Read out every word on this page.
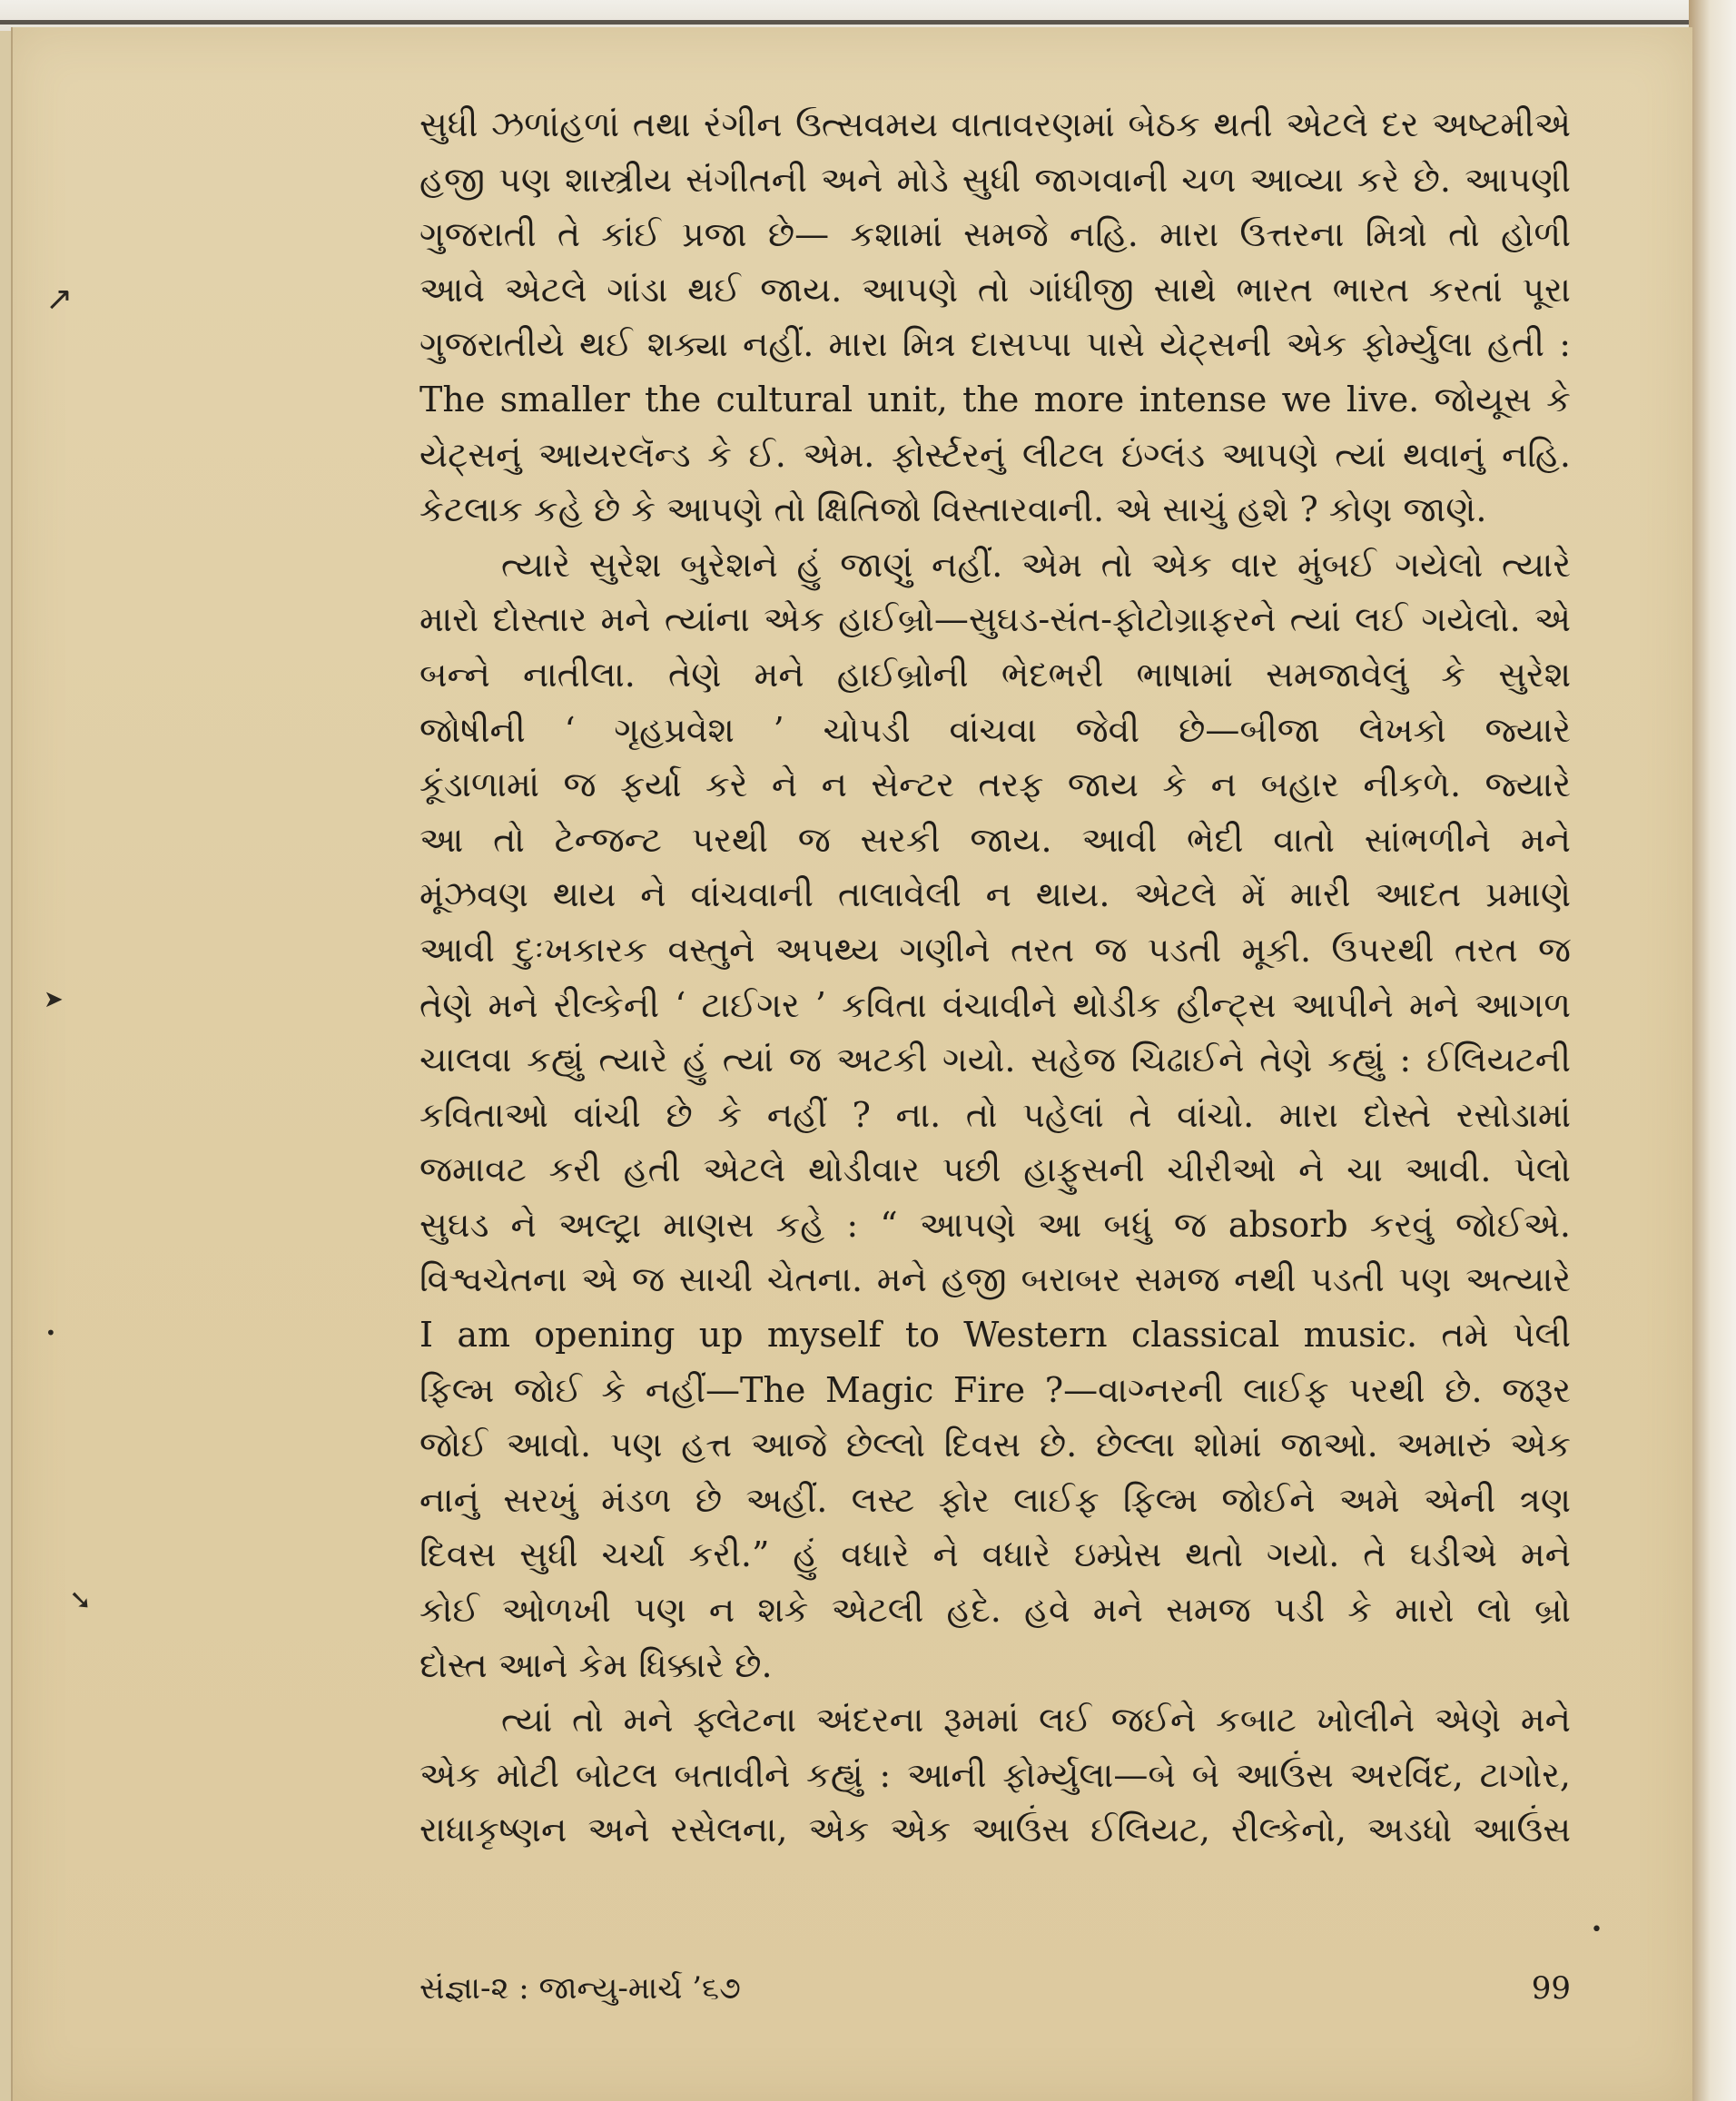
↗
➤
•
➘
•
સુધી ઝળાંહળાં તથા રંગીન ઉત્સવમય વાતાવરણમાં બેઠક થતી એટલે દર અષ્ટમીએ
હજી પણ શાસ્ત્રીય સંગીતની અને મોડે સુધી જાગવાની ચળ આવ્યા કરે છે. આપણી
ગુજરાતી તે કાંઈ પ્રજા છે— કશામાં સમજે નહિ. મારા ઉત્તરના મિત્રો તો હોળી
આવે એટલે ગાંડા થઈ જાય. આપણે તો ગાંધીજી સાથે ભારત ભારત કરતાં પૂરા
ગુજરાતીયે થઈ શક્યા નહીં. મારા મિત્ર દાસપ્પા પાસે યેટ્સની એક ફોર્મ્યુલા હતી :
The smaller the cultural unit, the more intense we live. જોયૂસ કે
યેટ્સનું આયરલૅન્ડ કે ઈ. એમ. ફોર્સ્ટરનું લીટલ ઇંગ્લંડ આપણે ત્યાં થવાનું નહિ.
કેટલાક કહે છે કે આપણે તો ક્ષિતિજો વિસ્તારવાની. એ સાચું હશે ? કોણ જાણે.
ત્યારે સુરેશ બુરેશને હું જાણું નહીં. એમ તો એક વાર મુંબઈ ગયેલો ત્યારે
મારો દોસ્તાર મને ત્યાંના એક હાઈબ્રો—સુઘડ-સંત-ફોટોગ્રાફરને ત્યાં લઈ ગયેલો. એ
બન્ને નાતીલા. તેણે મને હાઈબ્રોની ભેદભરી ભાષામાં સમજાવેલું કે સુરેશ
જોષીની ‘ ગૃહપ્રવેશ ’ ચોપડી વાંચવા જેવી છે—બીજા લેખકો જ્યારે
કૂંડાળામાં જ ફર્યા કરે ને ન સેન્ટર તરફ જાય કે ન બહાર નીકળે. જ્યારે
આ તો ટેન્જન્ટ પરથી જ સરકી જાય. આવી ભેદી વાતો સાંભળીને મને
મૂંઝવણ થાય ને વાંચવાની તાલાવેલી ન થાય. એટલે મેં મારી આદત પ્રમાણે
આવી દુઃખકારક વસ્તુને અપથ્ય ગણીને તરત જ પડતી મૂકી. ઉપરથી તરત જ
તેણે મને રીલ્કેની ‘ ટાઈગર ’ કવિતા વંચાવીને થોડીક હીન્ટ્સ આપીને મને આગળ
ચાલવા કહ્યું ત્યારે હું ત્યાં જ અટકી ગયો. સહેજ ચિઢાઈને તેણે કહ્યું : ઈલિયટની
કવિતાઓ વાંચી છે કે નહીં ? ના. તો પહેલાં તે વાંચો. મારા દોસ્તે રસોડામાં
જમાવટ કરી હતી એટલે થોડીવાર પછી હાફુસની ચીરીઓ ને ચા આવી. પેલો
સુઘડ ને અલ્ટ્રા માણસ કહે : “ આપણે આ બધું જ absorb કરવું જોઈએ.
વિશ્વચેતના એ જ સાચી ચેતના. મને હજી બરાબર સમજ નથી પડતી પણ અત્યારે
I am opening up myself to Western classical music. તમે પેલી
ફિલ્મ જોઈ કે નહીં—The Magic Fire ?—વાગ્નરની લાઈફ પરથી છે. જરૂર
જોઈ આવો. પણ હત્ત આજે છેલ્લો દિવસ છે. છેલ્લા શોમાં જાઓ. અમારું એક
નાનું સરખું મંડળ છે અહીં. લસ્ટ ફોર લાઈફ ફિલ્મ જોઈને અમે એની ત્રણ
દિવસ સુધી ચર્ચા કરી.” હું વધારે ને વધારે ઇમ્પ્રેસ થતો ગયો. તે ઘડીએ મને
કોઈ ઓળખી પણ ન શકે એટલી હદે. હવે મને સમજ પડી કે મારો લો બ્રો
દોસ્ત આને કેમ ધિક્કારે છે.
ત્યાં તો મને ફ્લેટના અંદરના રૂમમાં લઈ જઈને કબાટ ખોલીને એણે મને
એક મોટી બોટલ બતાવીને કહ્યું : આની ફોર્મ્યુલા—બે બે આઉંસ અરવિંદ, ટાગોર,
રાધાકૃષ્ણન અને રસેલના, એક એક આઉંસ ઈલિયટ, રીલ્કેનો, અડધો આઉંસ
સંજ્ઞા-૨ : જાન્યુ-માર્ચ ’૬૭	99
